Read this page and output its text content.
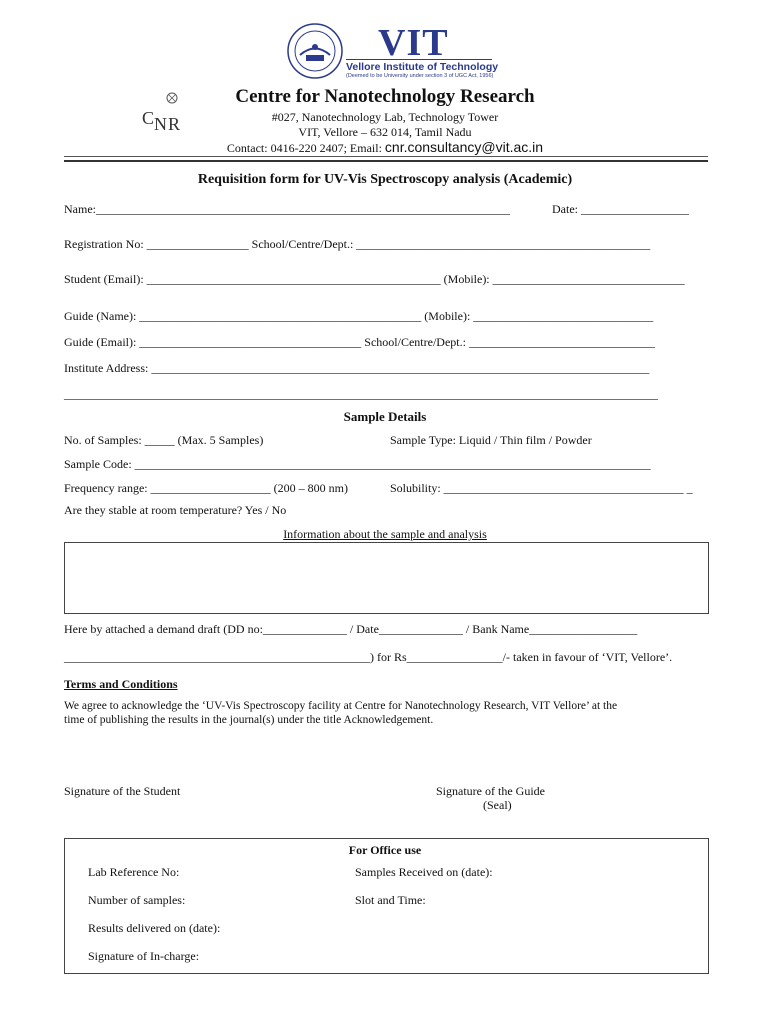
VIT
Vellore Institute of Technology
(Deemed to be University under section 3 of UGC Act, 1956)
C N R
Centre for Nanotechnology Research
#027, Nanotechnology Lab, Technology Tower
VIT, Vellore – 632 014, Tamil Nadu
Contact: 0416-220 2407; Email: cnr.consultancy@vit.ac.in
Requisition form for UV-Vis Spectroscopy analysis (Academic)
Name:_____________________________________________________________________	Date: __________________
Registration No: _________________ School/Centre/Dept.: _________________________________________________
Student (Email): _________________________________________________ (Mobile): ________________________________
Guide (Name): _______________________________________________ (Mobile): ______________________________
Guide (Email): _____________________________________ School/Centre/Dept.: _______________________________
Institute Address: ___________________________________________________________________________________
___________________________________________________________________________________________________
Sample Details
No. of Samples: _____ (Max. 5 Samples)	Sample Type: Liquid / Thin film / Powder
Sample Code: ______________________________________________________________________________________
Frequency range: ____________________ (200 – 800 nm)	Solubility: ________________________________________ _
Are they stable at room temperature? Yes / No
Information about the sample and analysis
Here by attached a demand draft (DD no:______________ / Date______________ / Bank Name__________________
___________________________________________________) for Rs________________/- taken in favour of ‘VIT, Vellore’.
Terms and Conditions
We agree to acknowledge the ‘UV-Vis Spectroscopy facility at Centre for Nanotechnology Research, VIT Vellore’ at the
time of publishing the results in the journal(s) under the title Acknowledgement.
Signature of the Student	Signature of the Guide
(Seal)
For Office use
Lab Reference No:	Samples Received on (date):
Number of samples:	Slot and Time:
Results delivered on (date):
Signature of In-charge:
